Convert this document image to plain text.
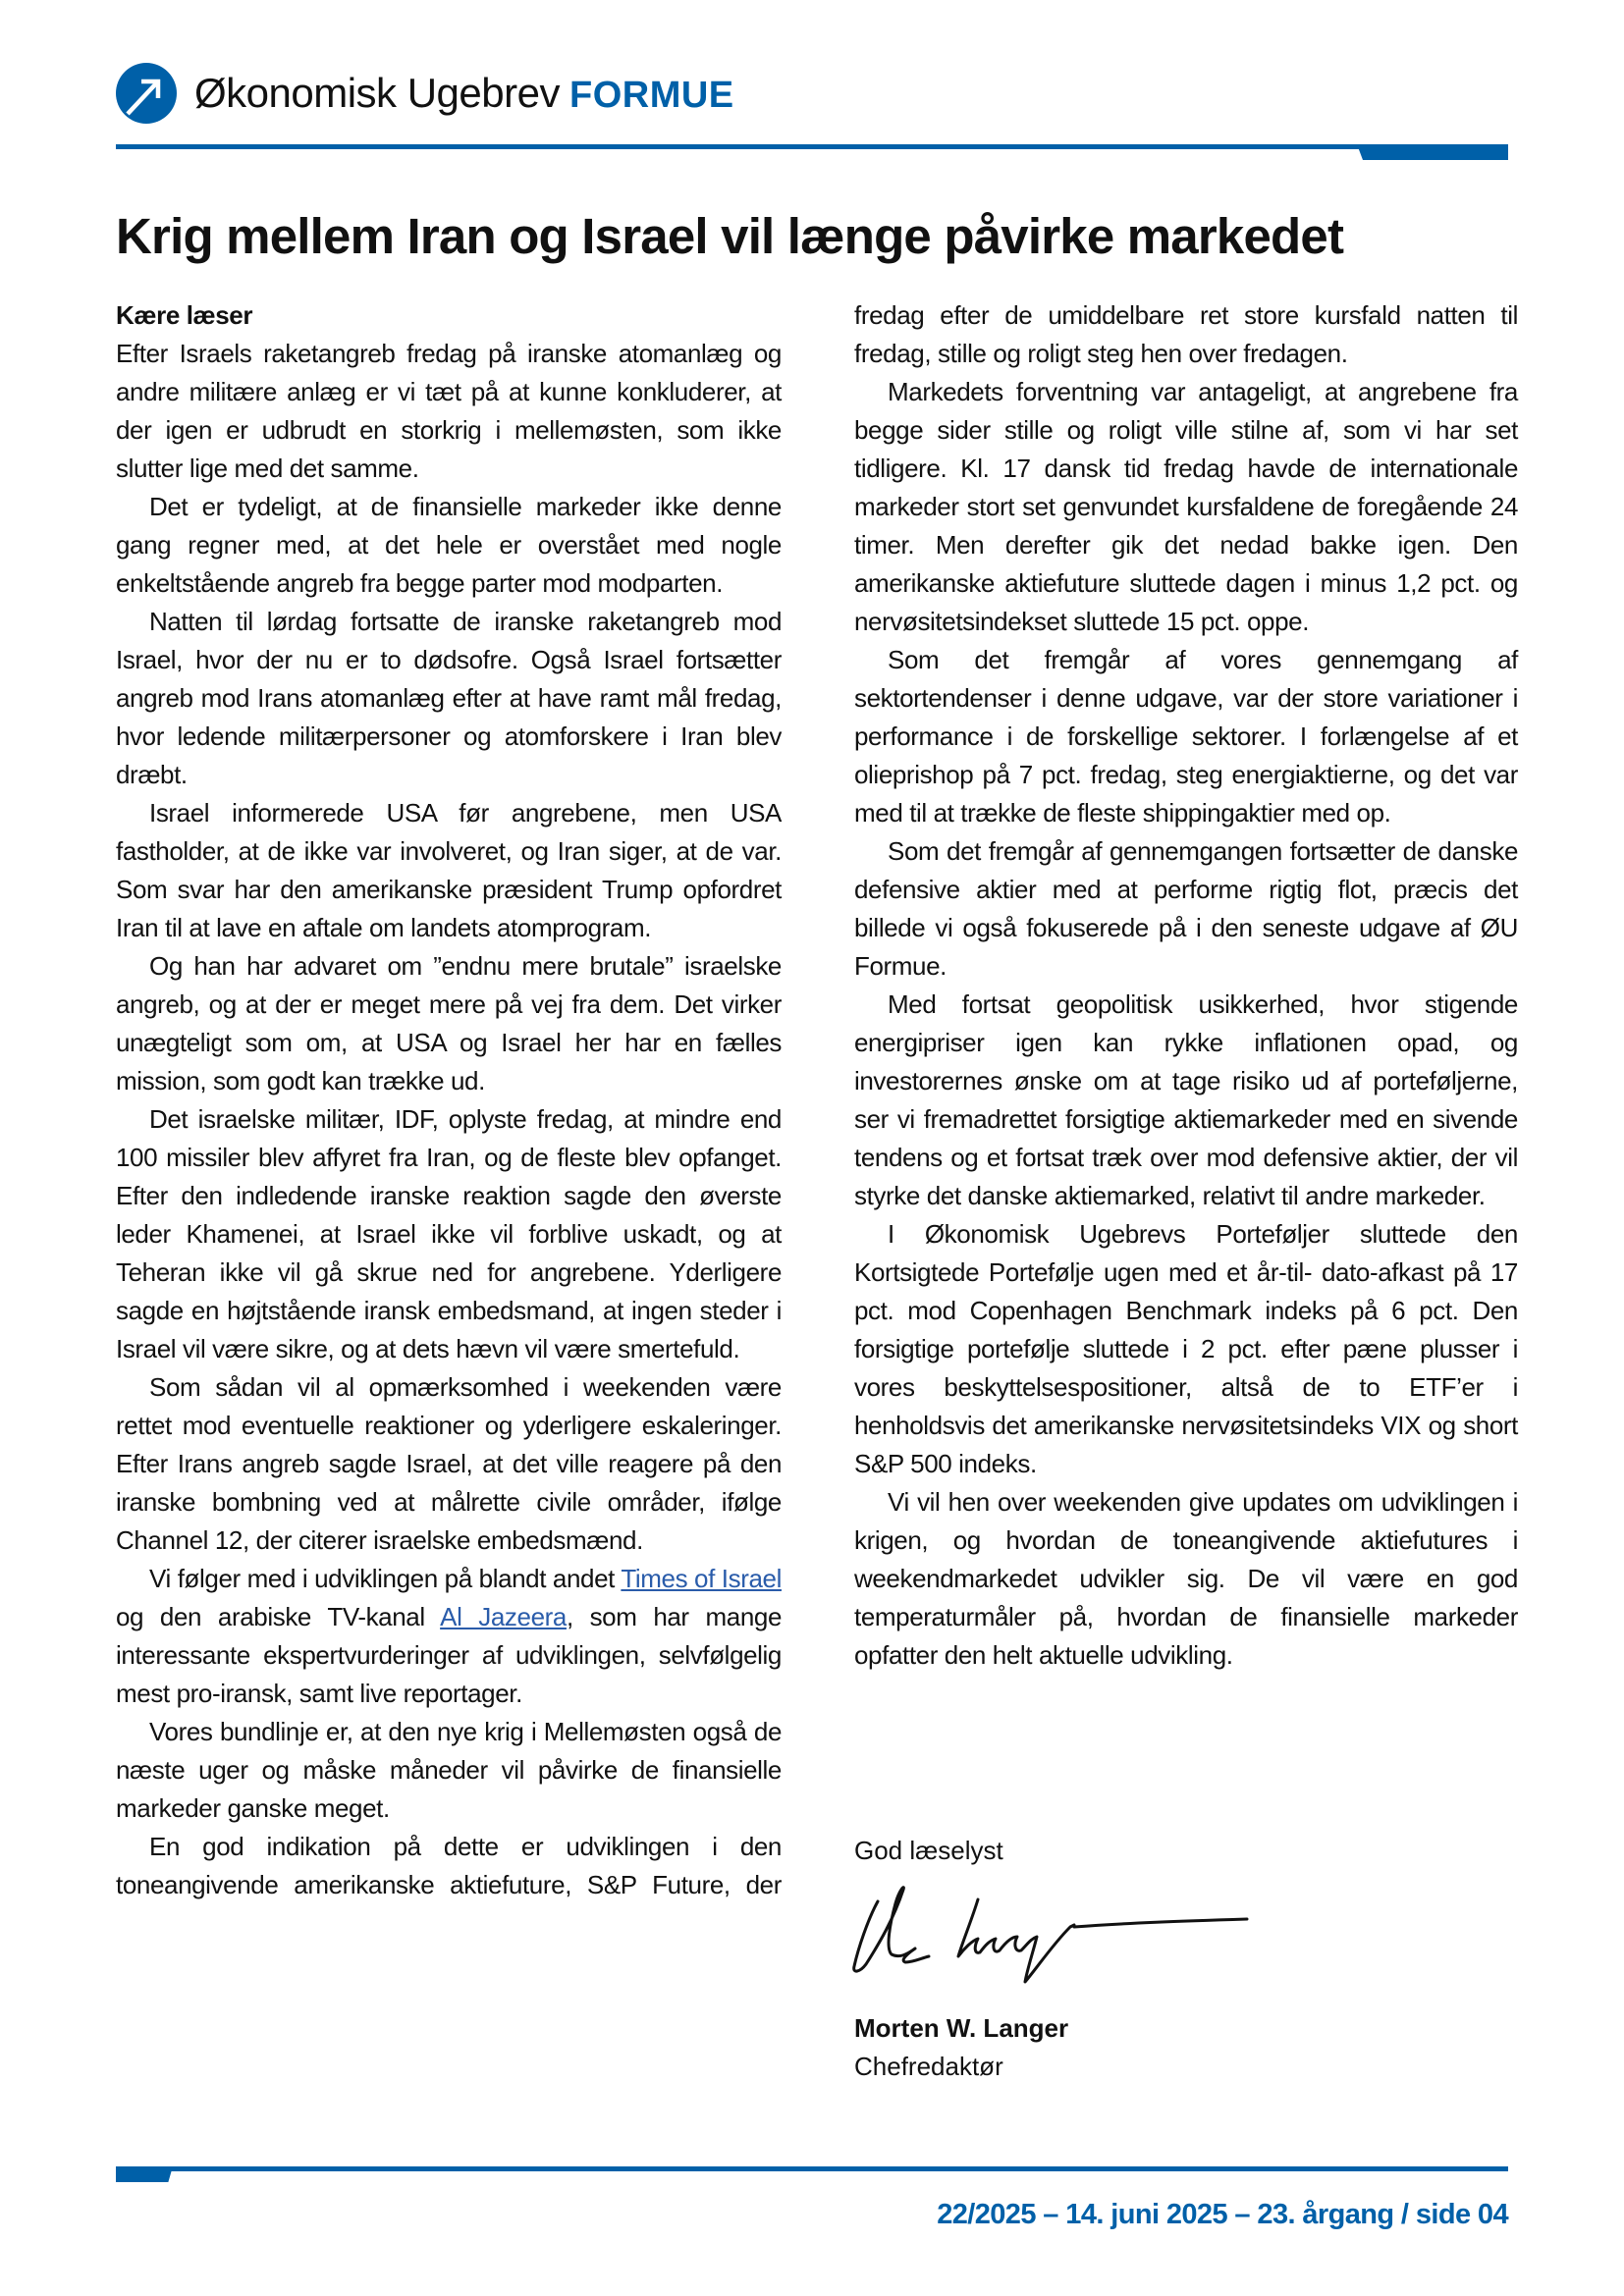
Økonomisk Ugebrev FORMUE
Krig mellem Iran og Israel vil længe påvirke markedet

Kære læser

Efter Israels raketangreb fredag på iranske atomanlæg og andre militære anlæg er vi tæt på at kunne konkluderer, at der igen er udbrudt en storkrig i mellemøsten, som ikke slutter lige med det samme.

Det er tydeligt, at de finansielle markeder ikke denne gang regner med, at det hele er overstået med nogle enkeltstående angreb fra begge parter mod modparten.

Natten til lørdag fortsatte de iranske raketangreb mod Israel, hvor der nu er to dødsofre. Også Israel fortsætter angreb mod Irans atomanlæg efter at have ramt mål fredag, hvor ledende militærpersoner og atomforskere i Iran blev dræbt.

Israel informerede USA før angrebene, men USA fastholder, at de ikke var involveret, og Iran siger, at de var. Som svar har den amerikanske præsident Trump opfordret Iran til at lave en aftale om landets atomprogram.

Og han har advaret om ”endnu mere brutale” israelske angreb, og at der er meget mere på vej fra dem. Det virker unægteligt som om, at USA og Israel her har en fælles mission, som godt kan trække ud.

Det israelske militær, IDF, oplyste fredag, at mindre end 100 missiler blev affyret fra Iran, og de fleste blev opfanget. Efter den indledende iranske reaktion sagde den øverste leder Khamenei, at Israel ikke vil forblive uskadt, og at Teheran ikke vil gå skrue ned for angrebene. Yderligere sagde en højtstående iransk embedsmand, at ingen steder i Israel vil være sikre, og at dets hævn vil være smertefuld.

Som sådan vil al opmærksomhed i weekenden være rettet mod eventuelle reaktioner og yderligere eskaleringer. Efter Irans angreb sagde Israel, at det ville reagere på den iranske bombning ved at målrette civile områder, ifølge Channel 12, der citerer israelske embedsmænd.

Vi følger med i udviklingen på blandt andet Times of Israel og den arabiske TV-kanal Al Jazeera, som har mange interessante ekspertvurderinger af udviklingen, selvfølgelig mest pro-iransk, samt live reportager.

Vores bundlinje er, at den nye krig i Mellemøsten også de næste uger og måske måneder vil påvirke de finansielle markeder ganske meget.

En god indikation på dette er udviklingen i den toneangivende amerikanske aktiefuture, S&P Future, der

fredag efter de umiddelbare ret store kursfald natten til fredag, stille og roligt steg hen over fredagen.

Markedets forventning var antageligt, at angrebene fra begge sider stille og roligt ville stilne af, som vi har set tidligere. Kl. 17 dansk tid fredag havde de internationale markeder stort set genvundet kursfaldene de foregående 24 timer. Men derefter gik det nedad bakke igen. Den amerikanske aktiefuture sluttede dagen i minus 1,2 pct. og nervøsitetsindekset sluttede 15 pct. oppe.

Som det fremgår af vores gennemgang af sektortendenser i denne udgave, var der store variationer i performance i de forskellige sektorer. I forlængelse af et olieprishop på 7 pct. fredag, steg energiaktierne, og det var med til at trække de fleste shippingaktier med op.

Som det fremgår af gennemgangen fortsætter de danske defensive aktier med at performe rigtig flot, præcis det billede vi også fokuserede på i den seneste udgave af ØU Formue.

Med fortsat geopolitisk usikkerhed, hvor stigende energipriser igen kan rykke inflationen opad, og investorernes ønske om at tage risiko ud af porteføljerne, ser vi fremadrettet forsigtige aktiemarkeder med en sivende tendens og et fortsat træk over mod defensive aktier, der vil styrke det danske aktiemarked, relativt til andre markeder.

I Økonomisk Ugebrevs Porteføljer sluttede den Kortsigtede Portefølje ugen med et år-til- dato-afkast på 17 pct. mod Copenhagen Benchmark indeks på 6 pct. Den forsigtige portefølje sluttede i 2 pct. efter pæne plusser i vores beskyttelsespositioner, altså de to ETF’er i henholdsvis det amerikanske nervøsitetsindeks VIX og short S&P 500 indeks.

Vi vil hen over weekenden give updates om udviklingen i krigen, og hvordan de toneangivende aktiefutures i weekendmarkedet udvikler sig. De vil være en god temperaturmåler på, hvordan de finansielle markeder opfatter den helt aktuelle udvikling.

God læselyst
Morten W. Langer
Chefredaktør
22/2025 – 14. juni 2025 – 23. årgang / side 04
